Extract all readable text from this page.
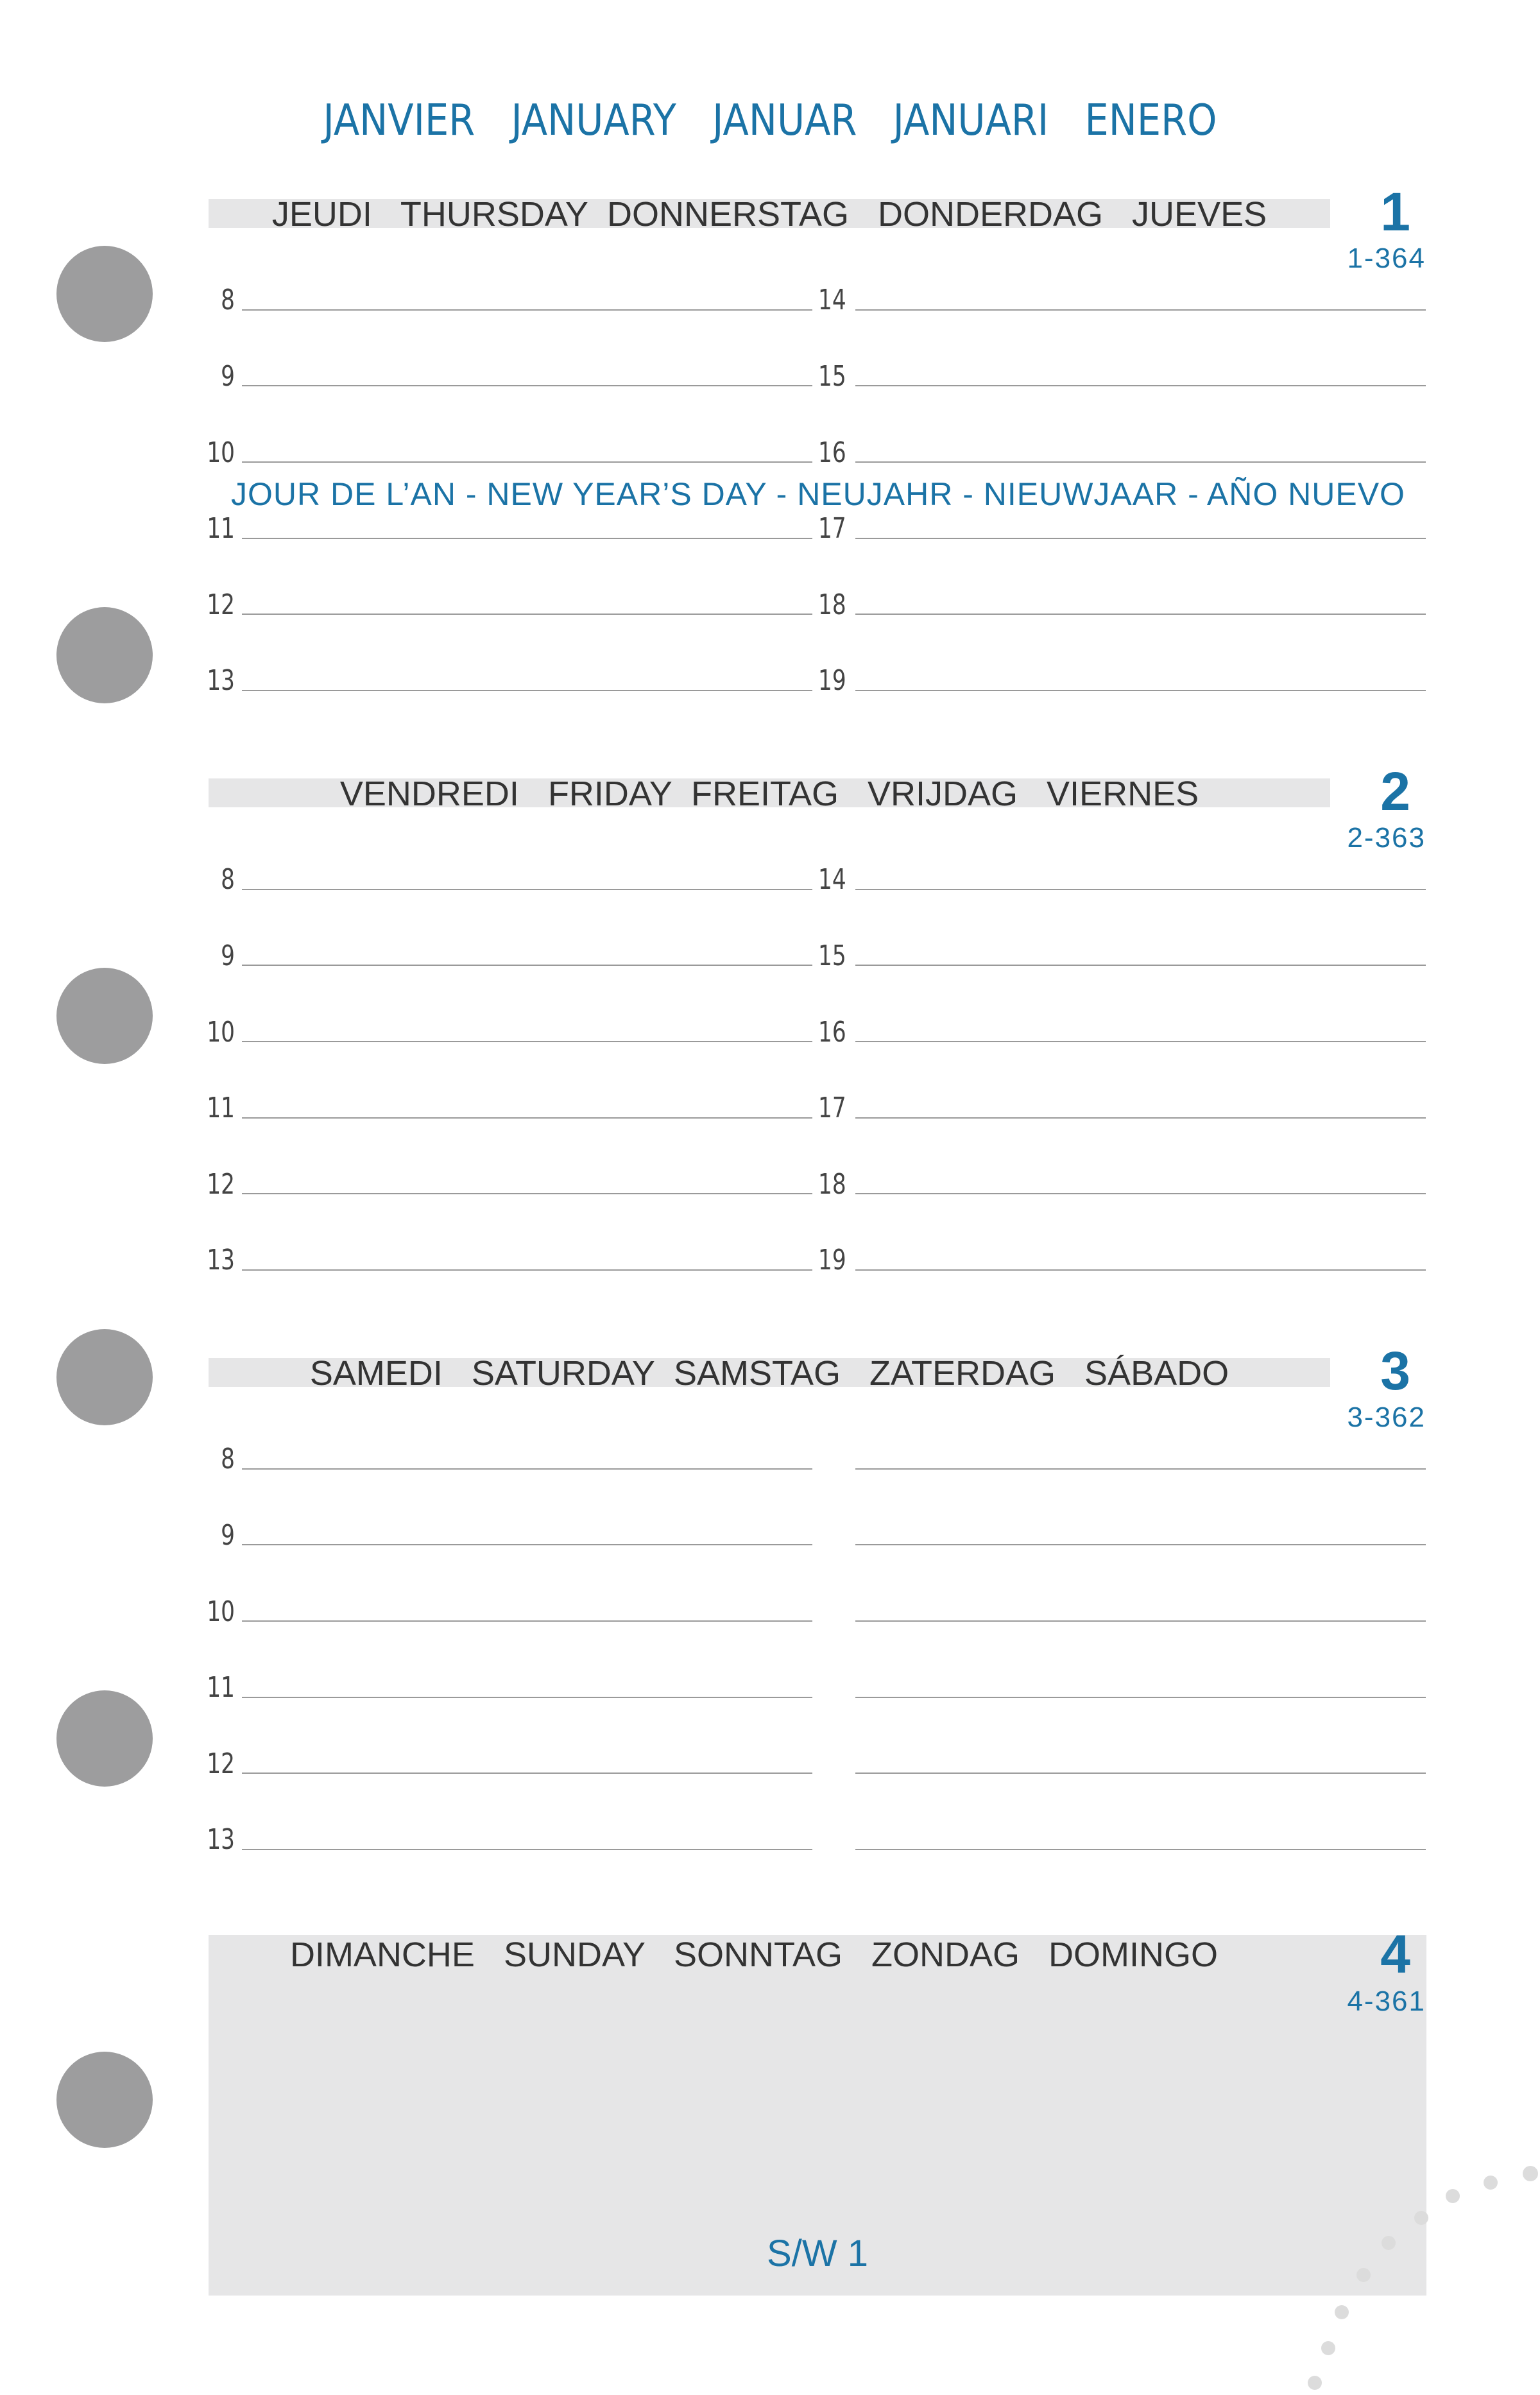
JANVIER   JANUARY   JANUAR   JANUARI   ENERO
JEUDI   THURSDAY  DONNERSTAG   DONDERDAG   JUEVES	1
1-364
JOUR DE L’AN - NEW YEAR’S DAY - NEUJAHR - NIEUWJAAR - AÑO NUEVO
8	14
9	15
10	16
11	17
12	18
13	19
VENDREDI   FRIDAY  FREITAG   VRIJDAG   VIERNES	2
2-363
8	14
9	15
10	16
11	17
12	18
13	19
SAMEDI   SATURDAY  SAMSTAG   ZATERDAG   SÁBADO	3
3-362
8
9
10
11
12
13
DIMANCHE   SUNDAY   SONNTAG   ZONDAG   DOMINGO	4
4-361
S/W 1
